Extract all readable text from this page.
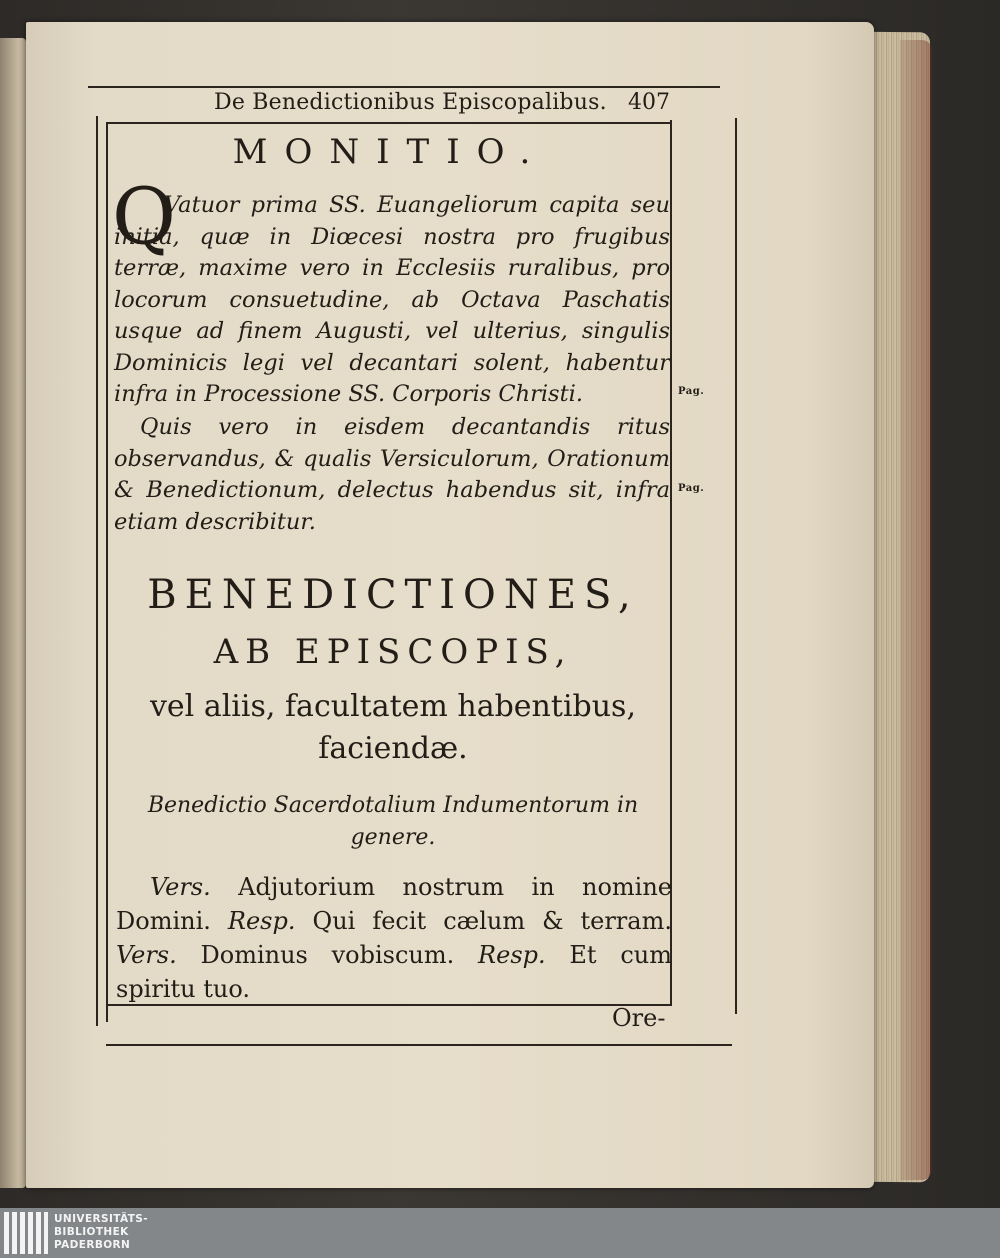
De Benedictionibus Episcopalibus. 407
MONITIO.
Q
Vatuor prima SS. Euangeliorum capita seu initia, quæ in Diœcesi nostra pro frugibus terræ, maxime vero in Ecclesiis ruralibus, pro locorum consuetudine, ab Octava Paschatis usque ad finem Augusti, vel ulterius, singulis Dominicis legi vel decantari solent, habentur infra in Processione SS. Corporis Christi.
Quis vero in eisdem decantandis ritus observandus, & qualis Versiculorum, Orationum & Benedictionum, delectus habendus sit, infra etiam describitur.
Pag.
Pag.
BENEDICTIONES,
AB EPISCOPIS,
vel aliis, facultatem habentibus, faciendæ.
Benedictio Sacerdotalium Indumentorum in genere.
Vers. Adjutorium nostrum in nomine Domini. Resp. Qui fecit cælum & terram. Vers. Dominus vobiscum. Resp. Et cum spiritu tuo.
Ore-
UNIVERSITÄTS-
BIBLIOTHEK
PADERBORN
